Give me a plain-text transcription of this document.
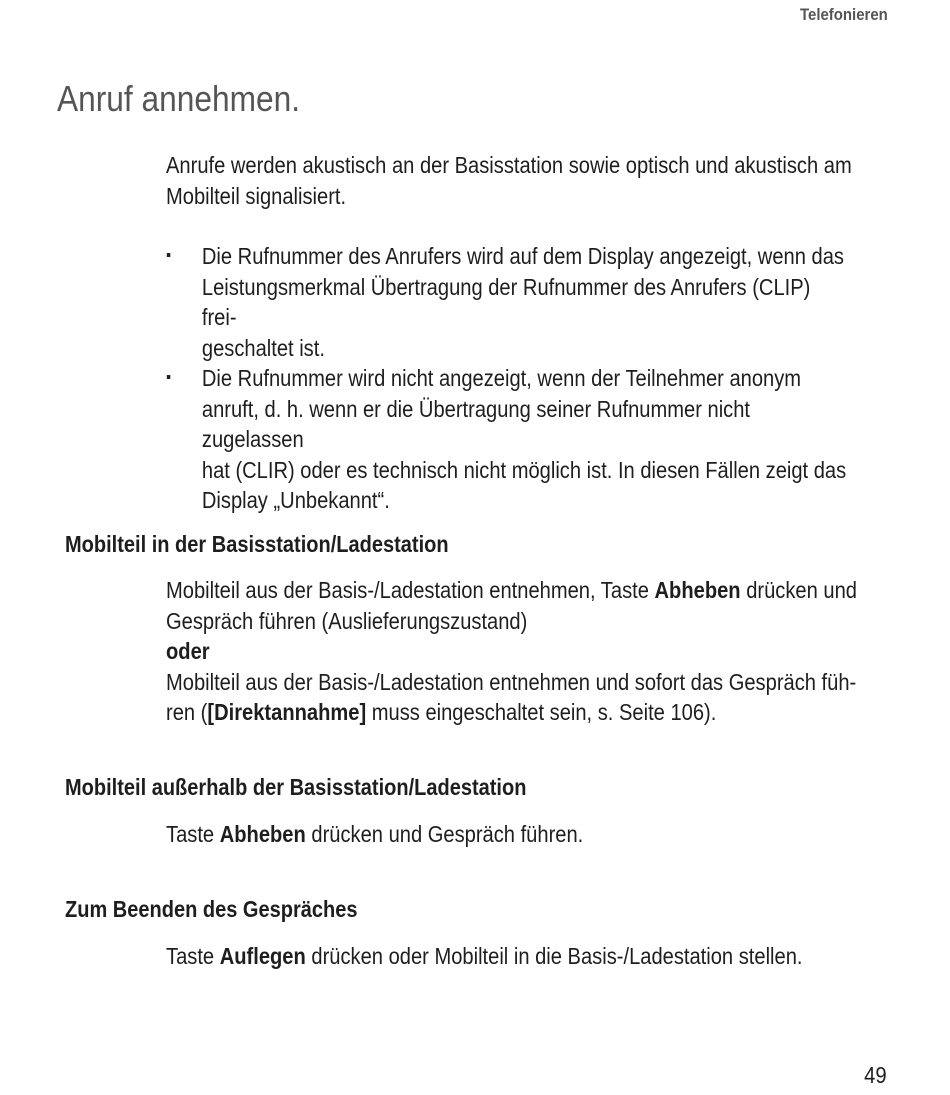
Telefonieren
Anruf annehmen.

Anrufe werden akustisch an der Basisstation sowie optisch und akustisch am
Mobilteil signalisiert.

▪ Die Rufnummer des Anrufers wird auf dem Display angezeigt, wenn das
Leistungsmerkmal Übertragung der Rufnummer des Anrufers (CLIP) frei-
geschaltet ist.
▪ Die Rufnummer wird nicht angezeigt, wenn der Teilnehmer anonym
anruft, d. h. wenn er die Übertragung seiner Rufnummer nicht zugelassen
hat (CLIR) oder es technisch nicht möglich ist. In diesen Fällen zeigt das
Display „Unbekannt“.
Mobilteil in der Basisstation/Ladestation

Mobilteil aus der Basis-/Ladestation entnehmen, Taste Abheben drücken und
Gespräch führen (Auslieferungszustand)
oder
Mobilteil aus der Basis-/Ladestation entnehmen und sofort das Gespräch füh-
ren ([Direktannahme] muss eingeschaltet sein, s. Seite 106).

Mobilteil außerhalb der Basisstation/Ladestation

Taste Abheben drücken und Gespräch führen.

Zum Beenden des Gespräches

Taste Auflegen drücken oder Mobilteil in die Basis-/Ladestation stellen.

49
